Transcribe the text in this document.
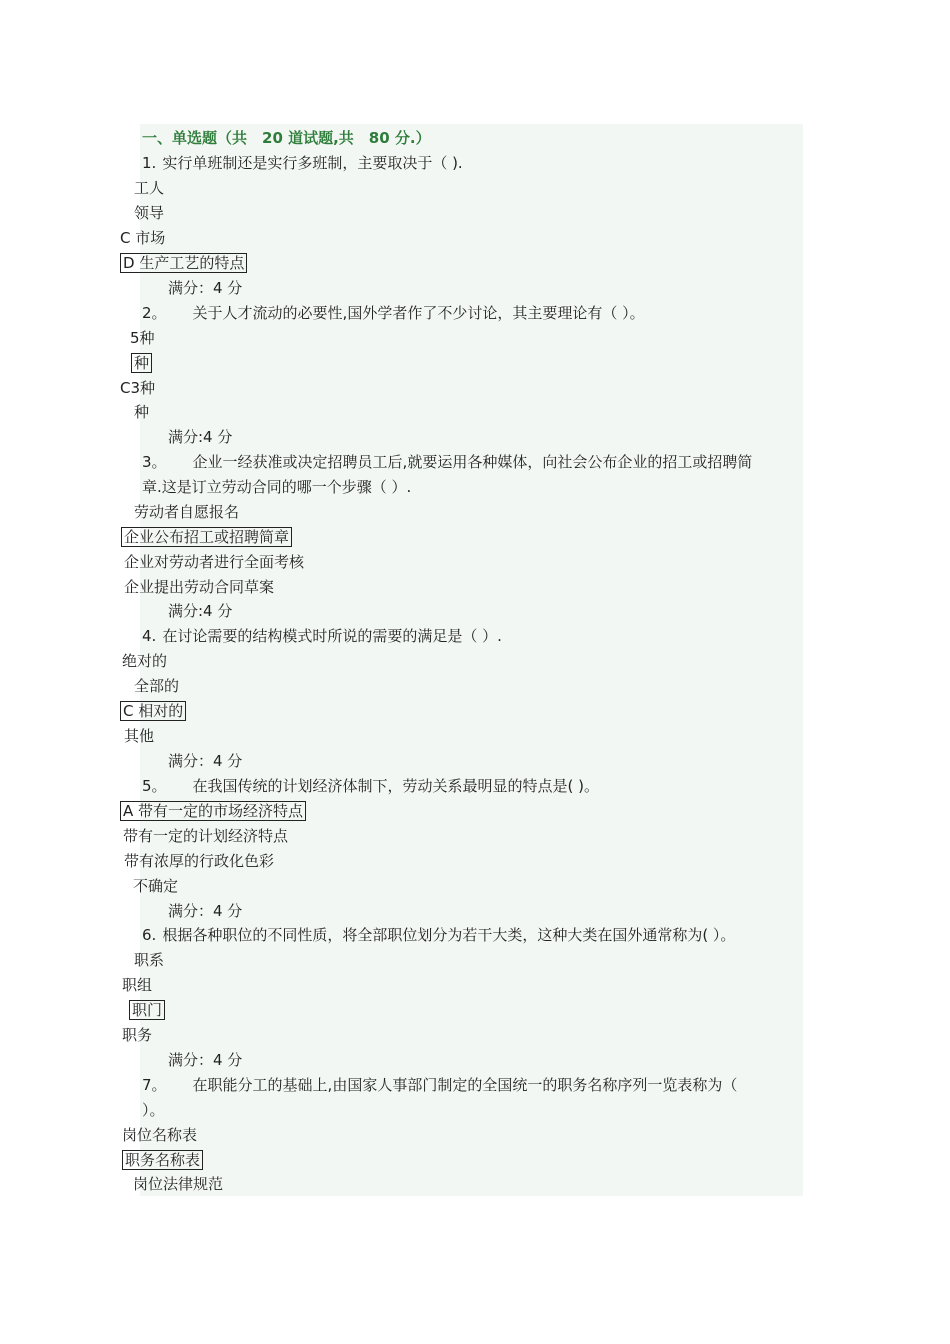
一、单选题（共　20 道试题,共　80 分.）
1. 实行单班制还是实行多班制，主要取决于（ ).
工人
领导
C 市场
D 生产工艺的特点
满分：4 分
2。 关于人才流动的必要性,国外学者作了不少讨论，其主要理论有（ ）。
5种
种
C3种
种
满分:4 分
3。 企业一经获准或决定招聘员工后,就要运用各种媒体，向社会公布企业的招工或招聘简
章.这是订立劳动合同的哪一个步骤（ ）.
劳动者自愿报名
企业公布招工或招聘简章
企业对劳动者进行全面考核
企业提出劳动合同草案
满分:4 分
4. 在讨论需要的结构模式时所说的需要的满足是（ ）.
绝对的
全部的
C 相对的
其他
满分：4 分
5。 在我国传统的计划经济体制下，劳动关系最明显的特点是( )。
A 带有一定的市场经济特点
带有一定的计划经济特点
带有浓厚的行政化色彩
不确定
满分：4 分
6. 根据各种职位的不同性质，将全部职位划分为若干大类，这种大类在国外通常称为( ）。
职系
职组
职门
职务
满分：4 分
7。 在职能分工的基础上,由国家人事部门制定的全国统一的职务名称序列一览表称为（
）。
岗位名称表
职务名称表
岗位法律规范
